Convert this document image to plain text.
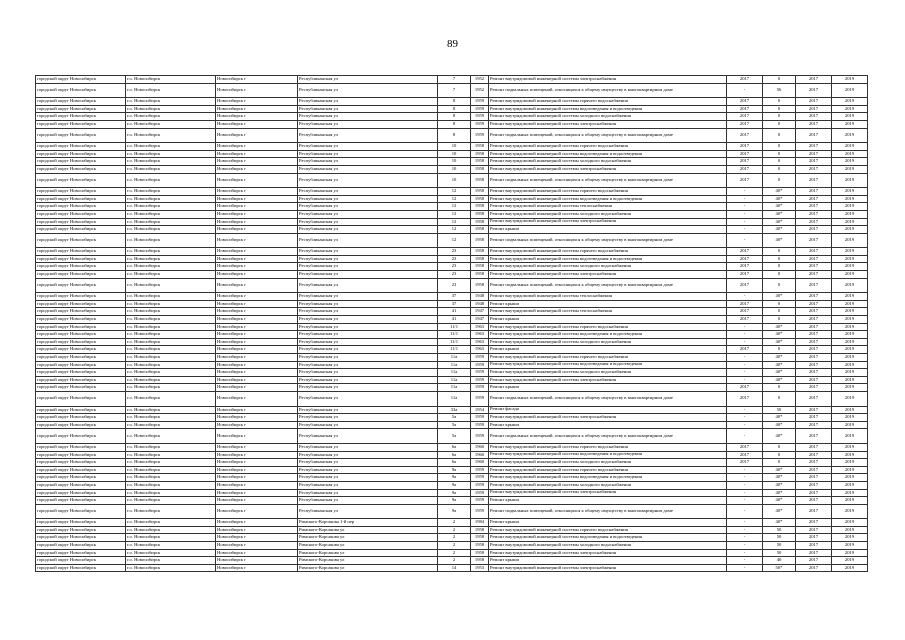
89
городской округ Новосибирск	г.о. Новосибирск	Новосибирск г	Республиканская ул	7	1952	Ремонт внутридомовой инженерной системы электроснабжения	2017	0	2017	2019
городской округ Новосибирск	г.о. Новосибирск	Новосибирск г	Республиканская ул	7	1952	Ремонт подвальных помещений, относящихся к общему имуществу в многоквартирном доме	-	56	2017	2019
городской округ Новосибирск	г.о. Новосибирск	Новосибирск г	Республиканская ул	8	1959	Ремонт внутридомовой инженерной системы горячего водоснабжения	2017	0	2017	2019
городской округ Новосибирск	г.о. Новосибирск	Новосибирск г	Республиканская ул	8	1959	Ремонт внутридомовой инженерной системы водоотведения и водоотведения	2017	0	2017	2019
городской округ Новосибирск	г.о. Новосибирск	Новосибирск г	Республиканская ул	8	1959	Ремонт внутридомовой инженерной системы холодного водоснабжения	2017	0	2017	2019
городской округ Новосибирск	г.о. Новосибирск	Новосибирск г	Республиканская ул	8	1959	Ремонт внутридомовой инженерной системы электроснабжения	2017	0	2017	2019
городской округ Новосибирск	г.о. Новосибирск	Новосибирск г	Республиканская ул	8	1959	Ремонт подвальных помещений, относящихся к общему имуществу в многоквартирном доме	2017	0	2017	2019
городской округ Новосибирск	г.о. Новосибирск	Новосибирск г	Республиканская ул	10	1958	Ремонт внутридомовой инженерной системы горячего водоснабжения	2017	0	2017	2019
городской округ Новосибирск	г.о. Новосибирск	Новосибирск г	Республиканская ул	10	1958	Ремонт внутридомовой инженерной системы водоотведения и водоотведения	2017	0	2017	2019
городской округ Новосибирск	г.о. Новосибирск	Новосибирск г	Республиканская ул	10	1958	Ремонт внутридомовой инженерной системы холодного водоснабжения	2017	0	2017	2019
городской округ Новосибирск	г.о. Новосибирск	Новосибирск г	Республиканская ул	10	1958	Ремонт внутридомовой инженерной системы электроснабжения	2017	0	2017	2019
городской округ Новосибирск	г.о. Новосибирск	Новосибирск г	Республиканская ул	10	1958	Ремонт подвальных помещений, относящихся к общему имуществу в многоквартирном доме	2017	0	2017	2019
городской округ Новосибирск	г.о. Новосибирск	Новосибирск г	Республиканская ул	12	1958	Ремонт внутридомовой инженерной системы горячего водоснабжения	-	40*	2017	2019
городской округ Новосибирск	г.о. Новосибирск	Новосибирск г	Республиканская ул	12	1958	Ремонт внутридомовой инженерной системы водоотведения и водоотведения	-	40*	2017	2019
городской округ Новосибирск	г.о. Новосибирск	Новосибирск г	Республиканская ул	12	1958	Ремонт внутридомовой инженерной системы теплоснабжения	-	40*	2017	2019
городской округ Новосибирск	г.о. Новосибирск	Новосибирск г	Республиканская ул	12	1958	Ремонт внутридомовой инженерной системы холодного водоснабжения	-	40*	2017	2019
городской округ Новосибирск	г.о. Новосибирск	Новосибирск г	Республиканская ул	12	1958	Ремонт внутридомовой инженерной системы электроснабжения	-	40*	2017	2019
городской округ Новосибирск	г.о. Новосибирск	Новосибирск г	Республиканская ул	12	1958	Ремонт крыши	-	40*	2017	2019
городской округ Новосибирск	г.о. Новосибирск	Новосибирск г	Республиканская ул	12	1958	Ремонт подвальных помещений, относящихся к общему имуществу в многоквартирном доме	-	40*	2017	2019
городской округ Новосибирск	г.о. Новосибирск	Новосибирск г	Республиканская ул	23	1958	Ремонт внутридомовой инженерной системы горячего водоснабжения	2017	0	2017	2019
городской округ Новосибирск	г.о. Новосибирск	Новосибирск г	Республиканская ул	23	1958	Ремонт внутридомовой инженерной системы водоотведения и водоотведения	2017	0	2017	2019
городской округ Новосибирск	г.о. Новосибирск	Новосибирск г	Республиканская ул	23	1958	Ремонт внутридомовой инженерной системы холодного водоснабжения	2017	0	2017	2019
городской округ Новосибирск	г.о. Новосибирск	Новосибирск г	Республиканская ул	23	1958	Ремонт внутридомовой инженерной системы электроснабжения	2017	0	2017	2019
городской округ Новосибирск	г.о. Новосибирск	Новосибирск г	Республиканская ул	23	1958	Ремонт подвальных помещений, относящихся к общему имуществу в многоквартирном доме	2017	0	2017	2019
городской округ Новосибирск	г.о. Новосибирск	Новосибирск г	Республиканская ул	37	1948	Ремонт внутридомовой инженерной системы теплоснабжения	-	40*	2017	2019
городской округ Новосибирск	г.о. Новосибирск	Новосибирск г	Республиканская ул	37	1948	Ремонт крыши	2017	0	2017	2019
городской округ Новосибирск	г.о. Новосибирск	Новосибирск г	Республиканская ул	41	1947	Ремонт внутридомовой инженерной системы теплоснабжения	2017	0	2017	2019
городской округ Новосибирск	г.о. Новосибирск	Новосибирск г	Республиканская ул	41	1947	Ремонт крыши	2017	0	2017	2019
городской округ Новосибирск	г.о. Новосибирск	Новосибирск г	Республиканская ул	11/1	1963	Ремонт внутридомовой инженерной системы горячего водоснабжения	-	40*	2017	2019
городской округ Новосибирск	г.о. Новосибирск	Новосибирск г	Республиканская ул	11/1	1963	Ремонт внутридомовой инженерной системы водоотведения и водоотведения	-	40*	2017	2019
городской округ Новосибирск	г.о. Новосибирск	Новосибирск г	Республиканская ул	11/1	1963	Ремонт внутридомовой инженерной системы холодного водоснабжения	-	40*	2017	2019
городской округ Новосибирск	г.о. Новосибирск	Новосибирск г	Республиканская ул	11/1	1963	Ремонт крыши	2017	0	2017	2019
городской округ Новосибирск	г.о. Новосибирск	Новосибирск г	Республиканская ул	11а	1959	Ремонт внутридомовой инженерной системы горячего водоснабжения	-	40*	2017	2019
городской округ Новосибирск	г.о. Новосибирск	Новосибирск г	Республиканская ул	11а	1959	Ремонт внутридомовой инженерной системы водоотведения и водоотведения	-	40*	2017	2019
городской округ Новосибирск	г.о. Новосибирск	Новосибирск г	Республиканская ул	11а	1959	Ремонт внутридомовой инженерной системы холодного водоснабжения	-	40*	2017	2019
городской округ Новосибирск	г.о. Новосибирск	Новосибирск г	Республиканская ул	11а	1959	Ремонт внутридомовой инженерной системы электроснабжения	-	40*	2017	2019
городской округ Новосибирск	г.о. Новосибирск	Новосибирск г	Республиканская ул	11а	1959	Ремонт крыши	2017	0	2017	2019
городской округ Новосибирск	г.о. Новосибирск	Новосибирск г	Республиканская ул	11а	1959	Ремонт подвальных помещений, относящихся к общему имуществу в многоквартирном доме	2017	0	2017	2019
городской округ Новосибирск	г.о. Новосибирск	Новосибирск г	Республиканская ул	33а	1954	Ремонт фасада	-	50	2017	2019
городской округ Новосибирск	г.о. Новосибирск	Новосибирск г	Республиканская ул	5а	1959	Ремонт внутридомовой инженерной системы электроснабжения	-	40*	2017	2019
городской округ Новосибирск	г.о. Новосибирск	Новосибирск г	Республиканская ул	5а	1959	Ремонт крыши	-	40*	2017	2019
городской округ Новосибирск	г.о. Новосибирск	Новосибирск г	Республиканская ул	5а	1959	Ремонт подвальных помещений, относящихся к общему имуществу в многоквартирном доме	-	40*	2017	2019
городской округ Новосибирск	г.о. Новосибирск	Новосибирск г	Республиканская ул	6а	1960	Ремонт внутридомовой инженерной системы горячего водоснабжения	2017	0	2017	2019
городской округ Новосибирск	г.о. Новосибирск	Новосибирск г	Республиканская ул	6а	1960	Ремонт внутридомовой инженерной системы водоотведения и водоотведения	2017	0	2017	2019
городской округ Новосибирск	г.о. Новосибирск	Новосибирск г	Республиканская ул	6а	1960	Ремонт внутридомовой инженерной системы холодного водоснабжения	2017	0	2017	2019
городской округ Новосибирск	г.о. Новосибирск	Новосибирск г	Республиканская ул	9а	1959	Ремонт внутридомовой инженерной системы горячего водоснабжения	-	40*	2017	2019
городской округ Новосибирск	г.о. Новосибирск	Новосибирск г	Республиканская ул	9а	1959	Ремонт внутридомовой инженерной системы водоотведения и водоотведения	-	40*	2017	2019
городской округ Новосибирск	г.о. Новосибирск	Новосибирск г	Республиканская ул	9а	1959	Ремонт внутридомовой инженерной системы холодного водоснабжения	-	40*	2017	2019
городской округ Новосибирск	г.о. Новосибирск	Новосибирск г	Республиканская ул	9а	1959	Ремонт внутридомовой инженерной системы электроснабжения	-	40*	2017	2019
городской округ Новосибирск	г.о. Новосибирск	Новосибирск г	Республиканская ул	9а	1959	Ремонт крыши	-	40*	2017	2019
городской округ Новосибирск	г.о. Новосибирск	Новосибирск г	Республиканская ул	9а	1959	Ремонт подвальных помещений, относящихся к общему имуществу в многоквартирном доме	-	40*	2017	2019
городской округ Новосибирск	г.о. Новосибирск	Новосибирск г	Римского-Корсакова 1-й пер	2	1984	Ремонт крыши	-	40*	2017	2019
городской округ Новосибирск	г.о. Новосибирск	Новосибирск г	Римского-Корсакова ул	2	1958	Ремонт внутридомовой инженерной системы горячего водоснабжения	-	50	2017	2019
городской округ Новосибирск	г.о. Новосибирск	Новосибирск г	Римского-Корсакова ул	2	1958	Ремонт внутридомовой инженерной системы водоотведения и водоотведения	-	50	2017	2019
городской округ Новосибирск	г.о. Новосибирск	Новосибирск г	Римского-Корсакова ул	2	1958	Ремонт внутридомовой инженерной системы холодного водоснабжения	-	50	2017	2019
городской округ Новосибирск	г.о. Новосибирск	Новосибирск г	Римского-Корсакова ул	2	1958	Ремонт внутридомовой инженерной системы электроснабжения	-	50	2017	2019
городской округ Новосибирск	г.о. Новосибирск	Новосибирск г	Римского-Корсакова ул	2	1958	Ремонт крыши	-	40	2017	2019
городской округ Новосибирск	г.о. Новосибирск	Новосибирск г	Римского-Корсакова ул	14	1953	Ремонт внутридомовой инженерной системы электроснабжения	-	50*	2017	2019
